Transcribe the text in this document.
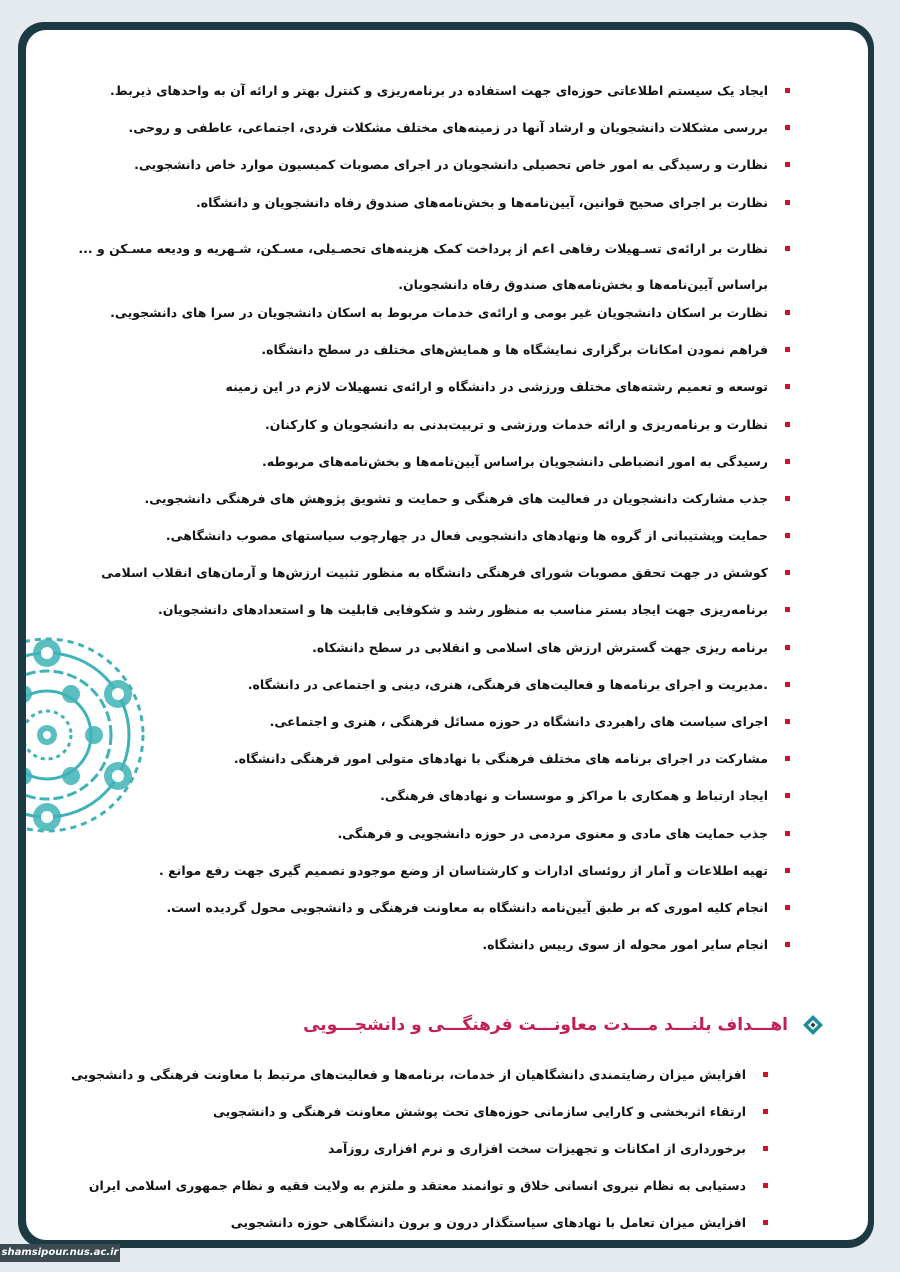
ایجاد یک سیستم اطلاعاتی حوزه‌ای جهت استفاده در برنامه‌ریزی و کنترل بهتر و ارائه آن به واحدهای ذیربط.
بررسی مشکلات دانشجویان و ارشاد آنها در زمینه‌های مختلف مشکلات فردی، اجتماعی، عاطفی و روحی.
نظارت و رسیدگی به امور خاص تحصیلی دانشجویان در اجرای مصوبات کمیسیون موارد خاص دانشجویی.
نظارت بر اجرای صحیح قوانین، آیین‌نامه‌ها و بخش‌نامه‌های صندوق رفاه دانشجویان و دانشگاه.
نظارت بر ارائه‌ی تسـهیلات رفاهی اعم از پرداخت کمک هزینه‌های تحصـیلی، مسـکن، شـهریه و ودیعه مسـکن و ... براساس آیین‌نامه‌ها و بخش‌نامه‌های صندوق رفاه دانشجویان.
نظارت بر اسکان دانشجویان غیر بومی و ارائه‌ی خدمات مربوط به اسکان دانشجویان در سرا های دانشجویی.
فراهم نمودن امکانات برگزاری نمایشگاه ها و همایش‌های مختلف در سطح دانشگاه.
توسعه و تعمیم رشته‌های مختلف ورزشی در دانشگاه و ارائه‌ی تسهیلات لازم در این زمینه
نظارت و برنامه‌ریزی و ارائه خدمات ورزشی و تربیت‌بدنی به دانشجویان و کارکنان.
رسیدگی به امور انضباطی دانشجویان براساس آیین‌نامه‌ها و بخش‌نامه‌های مربوطه.
جذب مشارکت دانشجویان در فعالیت های فرهنگی و حمایت و تشویق پژوهش های فرهنگی دانشجویی.
حمایت وپشتیبانی از گروه ها ونهادهای دانشجویی فعال در چهارچوب سیاستهای مصوب دانشگاهی.
کوشش در جهت تحقق مصوبات شورای فرهنگی دانشگاه به منظور تثبیت ارزش‌ها و آرمان‌های انقلاب اسلامی
برنامه‌ریزی جهت ایجاد بستر مناسب به منظور رشد و شکوفایی قابلیت ها و استعدادهای دانشجویان.
برنامه ریزی جهت گسترش ارزش های اسلامی و انقلابی در سطح دانشکاه.
.مدیریت و اجرای برنامه‌ها و فعالیت‌های فرهنگی، هنری، دینی و اجتماعی در دانشگاه.
اجرای سیاست های راهبردی دانشگاه در حوزه مسائل فرهنگی ، هنری و اجتماعی.
مشارکت در اجرای برنامه های مختلف فرهنگی با نهادهای متولی امور فرهنگی دانشگاه.
ایجاد ارتباط و همکاری با مراکز و موسسات و نهادهای فرهنگی.
جذب حمایت های مادی و معنوی مردمی در حوزه دانشجویی و فرهنگی.
تهیه اطلاعات و آمار از روئسای ادارات و کارشناسان از وضع موجودو تصمیم گیری جهت رفع موانع .
انجام کلیه اموری که بر طبق آیین‌نامه دانشگاه به معاونت فرهنگی و دانشجویی محول گردیده است.
انجام سایر امور محوله از سوی رییس دانشگاه.
اهـــداف بلنـــد مـــدت معاونـــت فرهنگـــی و دانشجـــویی
افزایش میزان رضایتمندی دانشگاهیان از خدمات، برنامه‌ها و فعالیت‌های مرتبط با معاونت فرهنگی و دانشجویی
ارتقاء اثربخشی و کارایی سازمانی حوزه‌های تحت پوشش معاونت فرهنگی و دانشجویی
برخورداری از امکانات و تجهیزات سخت افزاری و نرم افزاری روزآمد
دستیابی به نظام نیروی انسانی خلاق و توانمند معتقد و ملتزم به ولایت فقیه و نظام جمهوری اسلامی ایران
افزایش میزان تعامل با نهادهای سیاستگذار درون و برون دانشگاهی حوزه دانشجویی
shamsipour.nus.ac.ir
